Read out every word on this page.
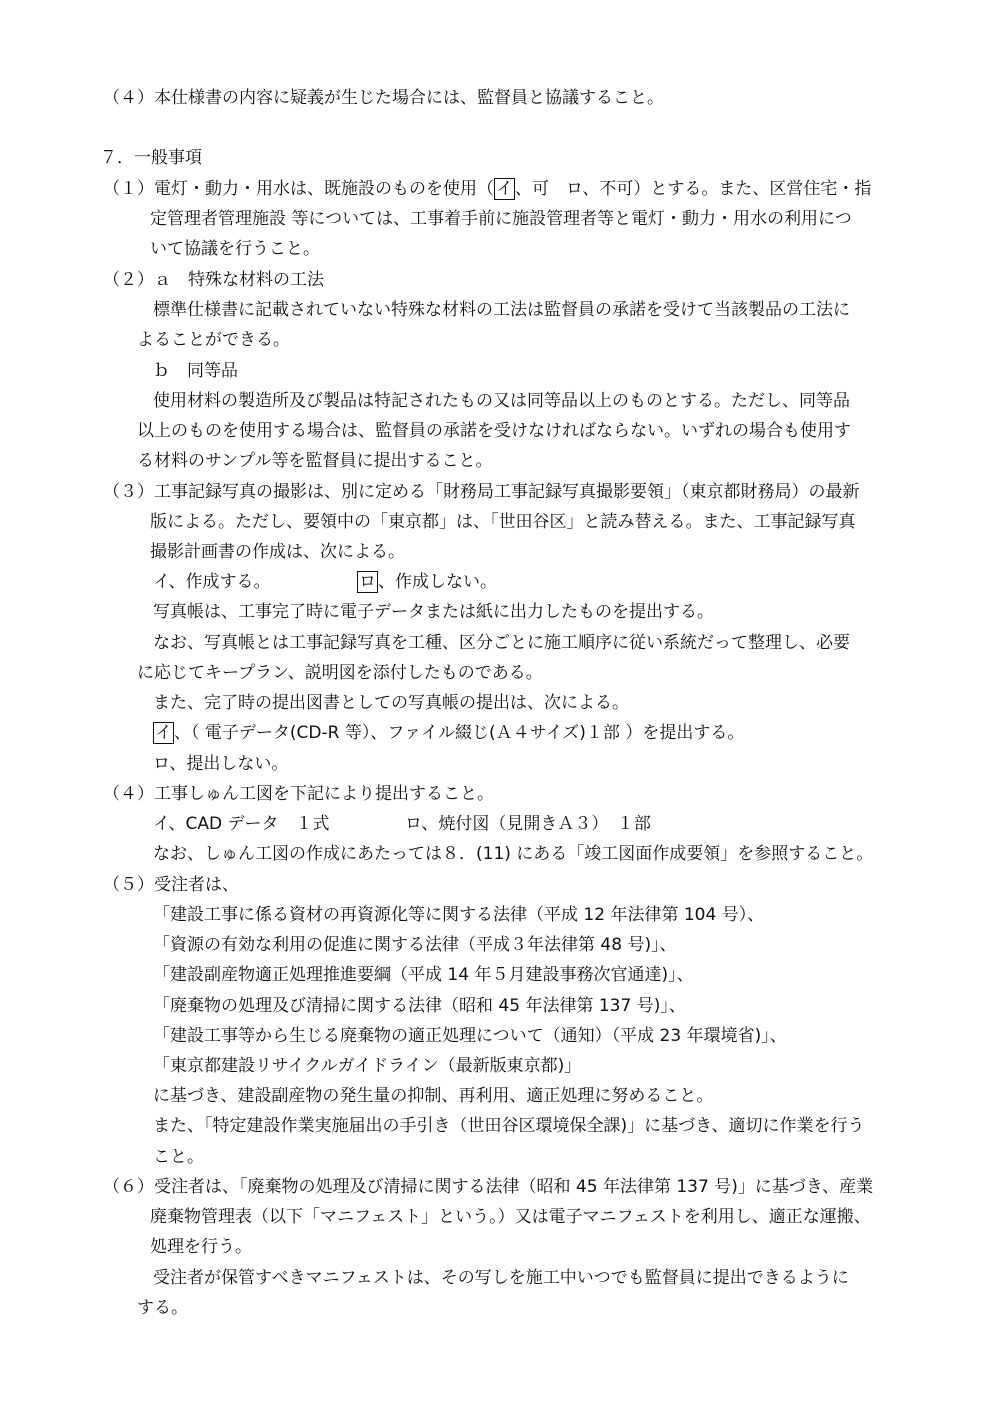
（４）本仕様書の内容に疑義が生じた場合には、監督員と協議すること。
７．一般事項
（１）電灯・動力・用水は、既施設のものを使用（ イ 、可　ロ、不可）とする。また、区営住宅・指
定管理者管理施設 等については、工事着手前に施設管理者等と電灯・動力・用水の利用につ
いて協議を行うこと。
（２）ａ　特殊な材料の工法
標準仕様書に記載されていない特殊な材料の工法は監督員の承諾を受けて当該製品の工法に
よることができる。
ｂ　同等品
使用材料の製造所及び製品は特記されたもの又は同等品以上のものとする。ただし、同等品
以上のものを使用する場合は、監督員の承諾を受けなければならない。いずれの場合も使用す
る材料のサンプル等を監督員に提出すること。
（３）工事記録写真の撮影は、別に定める「財務局工事記録写真撮影要領」（東京都財務局）の最新
版による。ただし、要領中の「東京都」は、「世田谷区」と読み替える。また、工事記録写真
撮影計画書の作成は、次による。
イ、作成する。	ロ 、作成しない。
写真帳は、工事完了時に電子データまたは紙に出力したものを提出する。
なお、写真帳とは工事記録写真を工種、区分ごとに施工順序に従い系統だって整理し、必要
に応じてキープラン、説明図を添付したものである。
また、完了時の提出図書としての写真帳の提出は、次による。
イ 、（ 電子データ(CD-R 等）、ファイル綴じ(Ａ４サイズ)１部 ）を提出する。
ロ、提出しない。
（４）工事しゅん工図を下記により提出すること。
イ、CAD データ　１式	ロ、焼付図（見開きＡ３）　１部
なお、しゅん工図の作成にあたっては８．(11) にある「竣工図面作成要領」を参照すること。
（５）受注者は、
「建設工事に係る資材の再資源化等に関する法律（平成 12 年法律第 104 号）、
「資源の有効な利用の促進に関する法律（平成３年法律第 48 号)」、
「建設副産物適正処理推進要綱（平成 14 年５月建設事務次官通達)」、
「廃棄物の処理及び清掃に関する法律（昭和 45 年法律第 137 号)」、
「建設工事等から生じる廃棄物の適正処理について（通知）（平成 23 年環境省)」、
「東京都建設リサイクルガイドライン（最新版東京都)」
に基づき、建設副産物の発生量の抑制、再利用、適正処理に努めること。
また、「特定建設作業実施届出の手引き（世田谷区環境保全課)」に基づき、適切に作業を行う
こと。
（６）受注者は、「廃棄物の処理及び清掃に関する法律（昭和 45 年法律第 137 号)」に基づき、産業
廃棄物管理表（以下「マニフェスト」という。）又は電子マニフェストを利用し、適正な運搬、
処理を行う。
受注者が保管すべきマニフェストは、その写しを施工中いつでも監督員に提出できるように
する。
